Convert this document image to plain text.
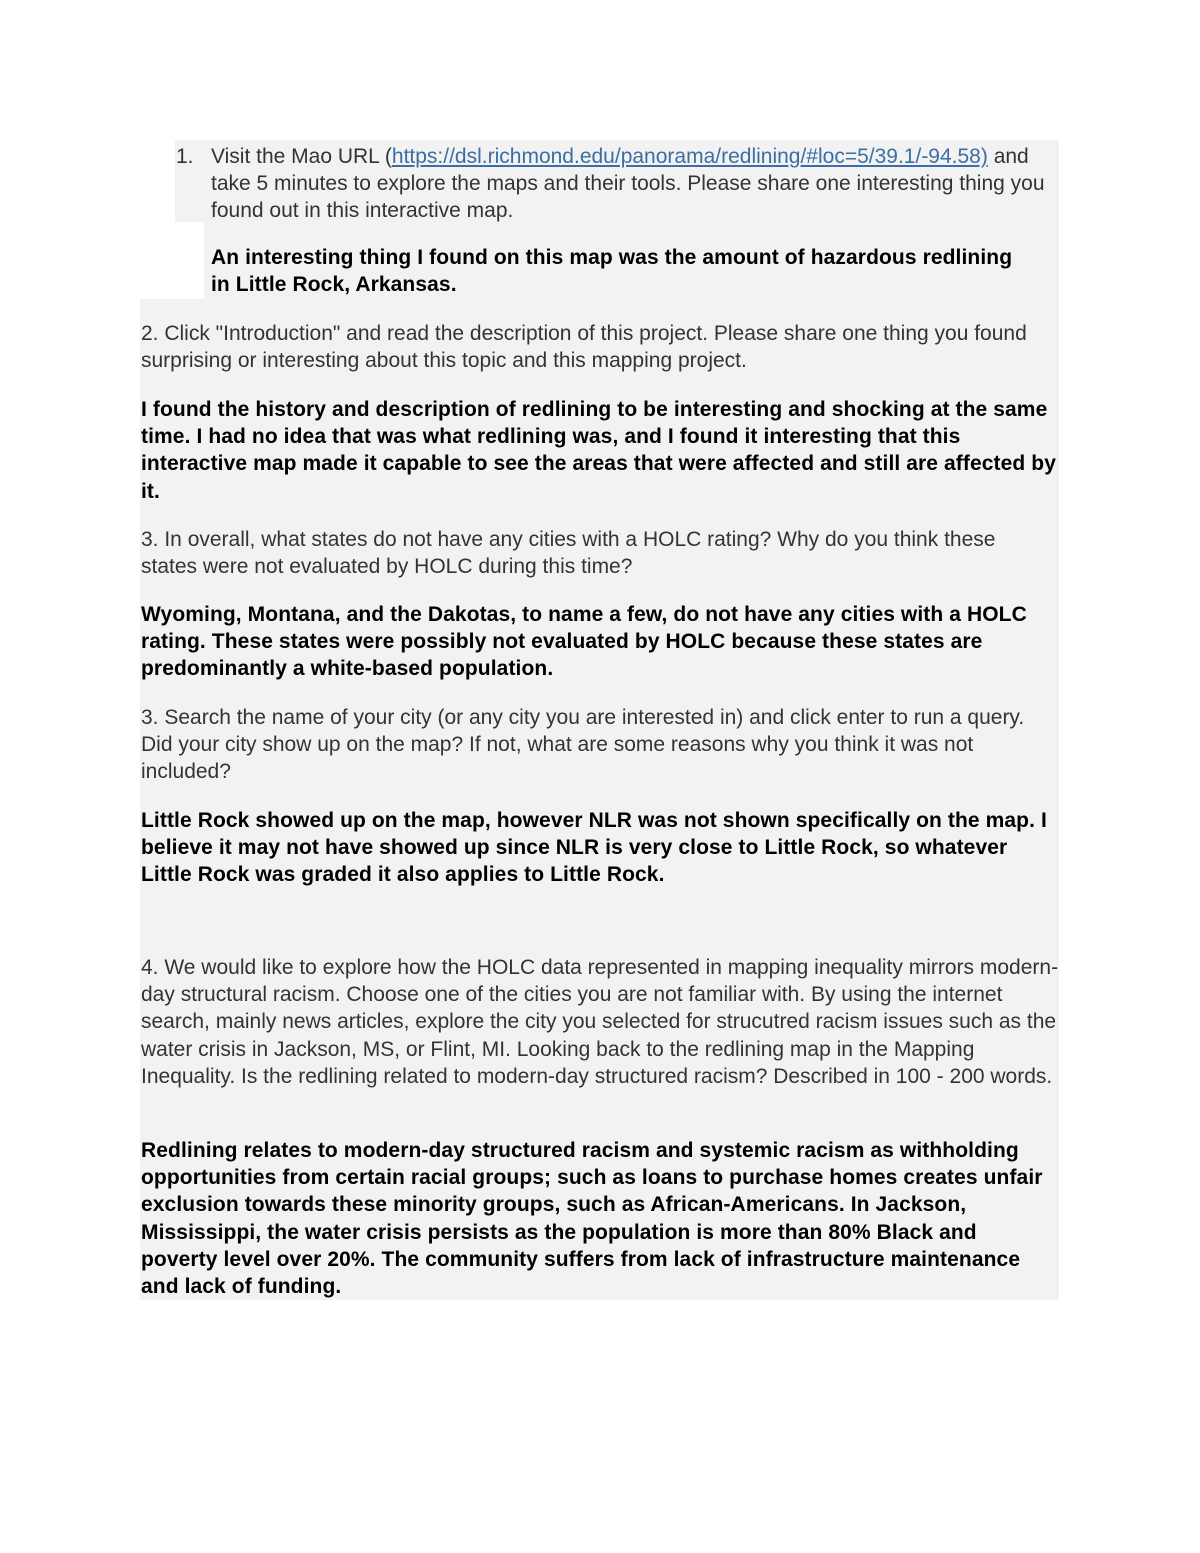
1. Visit the Mao URL (https://dsl.richmond.edu/panorama/redlining/#loc=5/39.1/-94.58) and take 5 minutes to explore the maps and their tools. Please share one interesting thing you found out in this interactive map.

An interesting thing I found on this map was the amount of hazardous redlining in Little Rock, Arkansas.

2. Click "Introduction" and read the description of this project. Please share one thing you found surprising or interesting about this topic and this mapping project.

I found the history and description of redlining to be interesting and shocking at the same time. I had no idea that was what redlining was, and I found it interesting that this interactive map made it capable to see the areas that were affected and still are affected by it.

3. In overall, what states do not have any cities with a HOLC rating? Why do you think these states were not evaluated by HOLC during this time?

Wyoming, Montana, and the Dakotas, to name a few, do not have any cities with a HOLC rating. These states were possibly not evaluated by HOLC because these states are predominantly a white-based population.

3. Search the name of your city (or any city you are interested in) and click enter to run a query. Did your city show up on the map? If not, what are some reasons why you think it was not included?

Little Rock showed up on the map, however NLR was not shown specifically on the map. I believe it may not have showed up since NLR is very close to Little Rock, so whatever Little Rock was graded it also applies to Little Rock.

4. We would like to explore how the HOLC data represented in mapping inequality mirrors modern-day structural racism. Choose one of the cities you are not familiar with. By using the internet search, mainly news articles, explore the city you selected for strucutred racism issues such as the water crisis in Jackson, MS, or Flint, MI. Looking back to the redlining map in the Mapping Inequality. Is the redlining related to modern-day structured racism? Described in 100 - 200 words.

Redlining relates to modern-day structured racism and systemic racism as withholding opportunities from certain racial groups; such as loans to purchase homes creates unfair exclusion towards these minority groups, such as African-Americans. In Jackson, Mississippi, the water crisis persists as the population is more than 80% Black and poverty level over 20%. The community suffers from lack of infrastructure maintenance and lack of funding.
